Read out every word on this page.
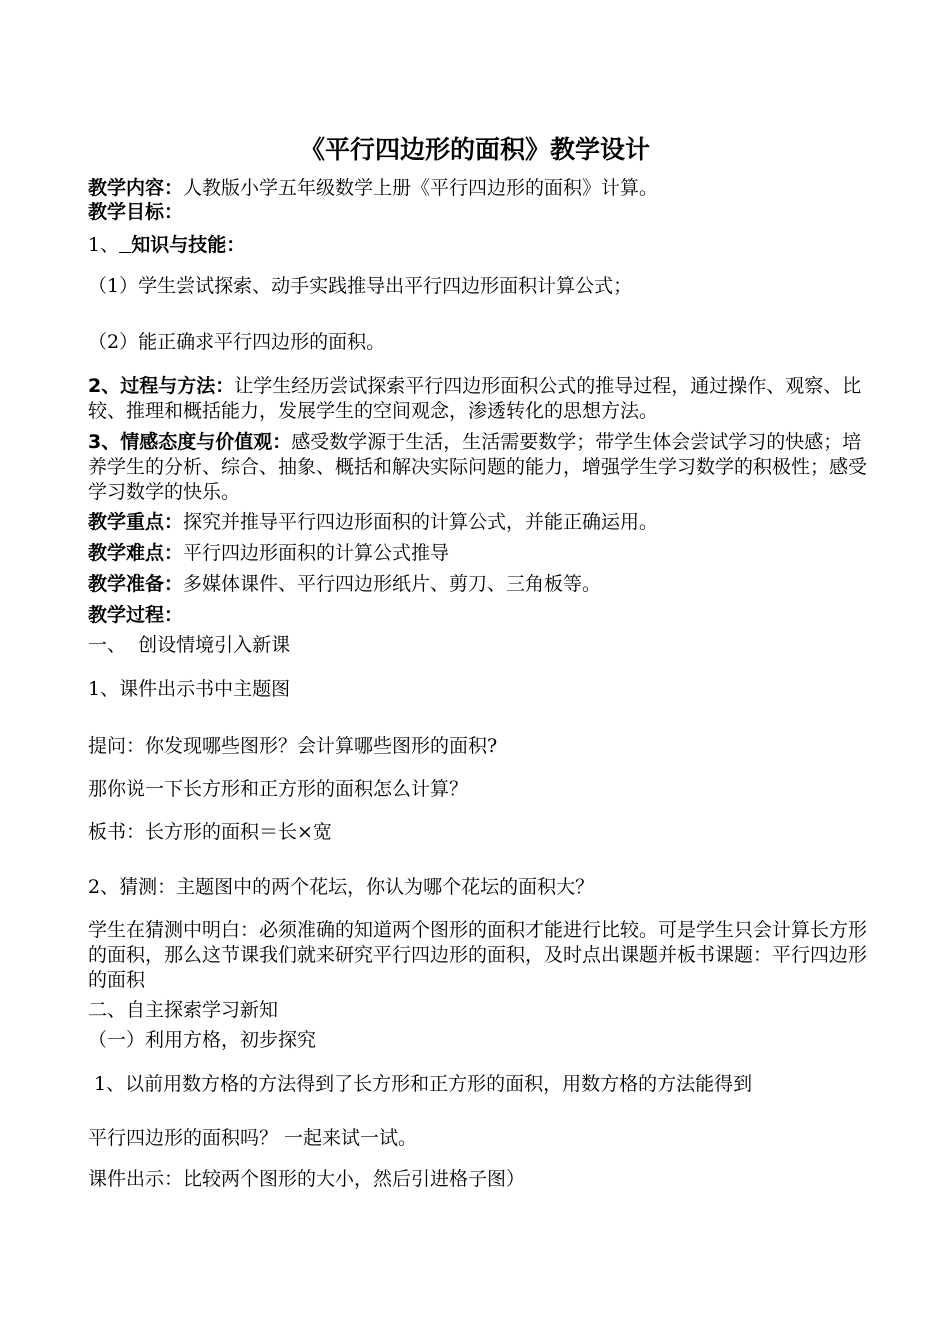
《平行四边形的面积》教学设计
教学内容：人教版小学五年级数学上册《平行四边形的面积》计算。
教学目标：
1、 知识与技能：
（1）学生尝试探索、动手实践推导出平行四边形面积计算公式；
（2）能正确求平行四边形的面积。
2、过程与方法：让学生经历尝试探索平行四边形面积公式的推导过程，通过操作、观察、比较、推理和概括能力，发展学生的空间观念，渗透转化的思想方法。
3、情感态度与价值观：感受数学源于生活，生活需要数学；带学生体会尝试学习的快感；培养学生的分析、综合、抽象、概括和解决实际问题的能力，增强学生学习数学的积极性；感受学习数学的快乐。
教学重点：探究并推导平行四边形面积的计算公式，并能正确运用。
教学难点：平行四边形面积的计算公式推导
教学准备：多媒体课件、平行四边形纸片、剪刀、三角板等。
教学过程：
一、  创设情境引入新课
1、课件出示书中主题图
提问：你发现哪些图形？会计算哪些图形的面积?
那你说一下长方形和正方形的面积怎么计算？
板书：长方形的面积＝长×宽
2、猜测：主题图中的两个花坛，你认为哪个花坛的面积大？
学生在猜测中明白：必须准确的知道两个图形的面积才能进行比较。可是学生只会计算长方形的面积，那么这节课我们就来研究平行四边形的面积，及时点出课题并板书课题：平行四边形的面积
二、自主探索学习新知
（一）利用方格，初步探究
1、以前用数方格的方法得到了长方形和正方形的面积，用数方格的方法能得到
平行四边形的面积吗？ 一起来试一试。
课件出示：比较两个图形的大小，然后引进格子图）
